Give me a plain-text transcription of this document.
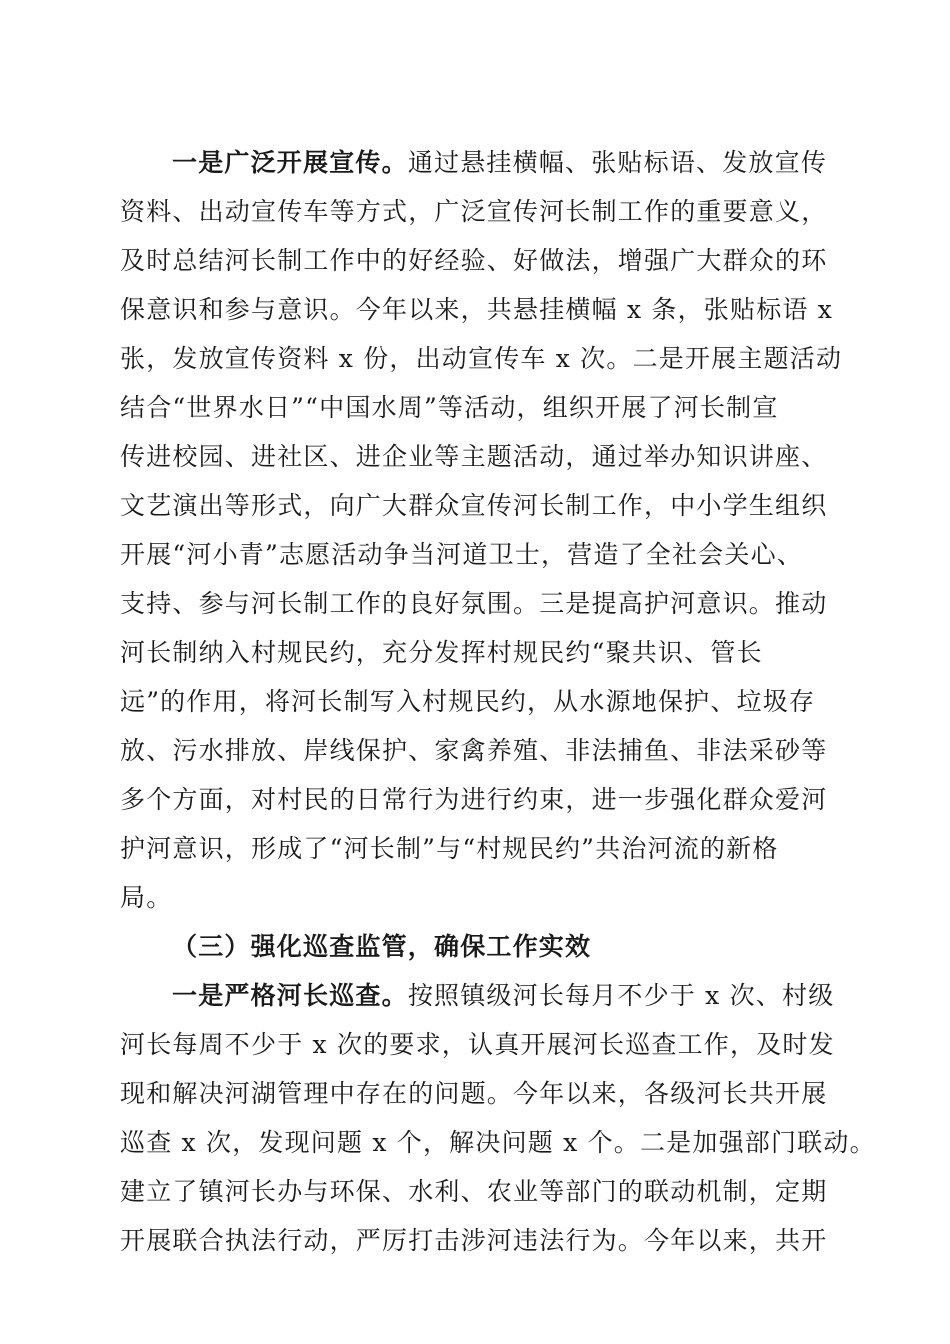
一是广泛开展宣传。通过悬挂横幅、张贴标语、发放宣传
资料、出动宣传车等方式，广泛宣传河长制工作的重要意义，
及时总结河长制工作中的好经验、好做法，增强广大群众的环
保意识和参与意识。今年以来，共悬挂横幅 x 条，张贴标语 x
张，发放宣传资料 x 份，出动宣传车 x 次。二是开展主题活动
结合“世界水日”“中国水周”等活动，组织开展了河长制宣
传进校园、进社区、进企业等主题活动，通过举办知识讲座、
文艺演出等形式，向广大群众宣传河长制工作，中小学生组织
开展“河小青”志愿活动争当河道卫士，营造了全社会关心、
支持、参与河长制工作的良好氛围。三是提高护河意识。推动
河长制纳入村规民约，充分发挥村规民约“聚共识、管长
远”的作用，将河长制写入村规民约，从水源地保护、垃圾存
放、污水排放、岸线保护、家禽养殖、非法捕鱼、非法采砂等
多个方面，对村民的日常行为进行约束，进一步强化群众爱河
护河意识，形成了“河长制”与“村规民约”共治河流的新格
局。
（三）强化巡查监管，确保工作实效
一是严格河长巡查。按照镇级河长每月不少于 x 次、村级
河长每周不少于 x 次的要求，认真开展河长巡查工作，及时发
现和解决河湖管理中存在的问题。今年以来，各级河长共开展
巡查 x 次，发现问题 x 个，解决问题 x 个。二是加强部门联动。
建立了镇河长办与环保、水利、农业等部门的联动机制，定期
开展联合执法行动，严厉打击涉河违法行为。今年以来，共开
